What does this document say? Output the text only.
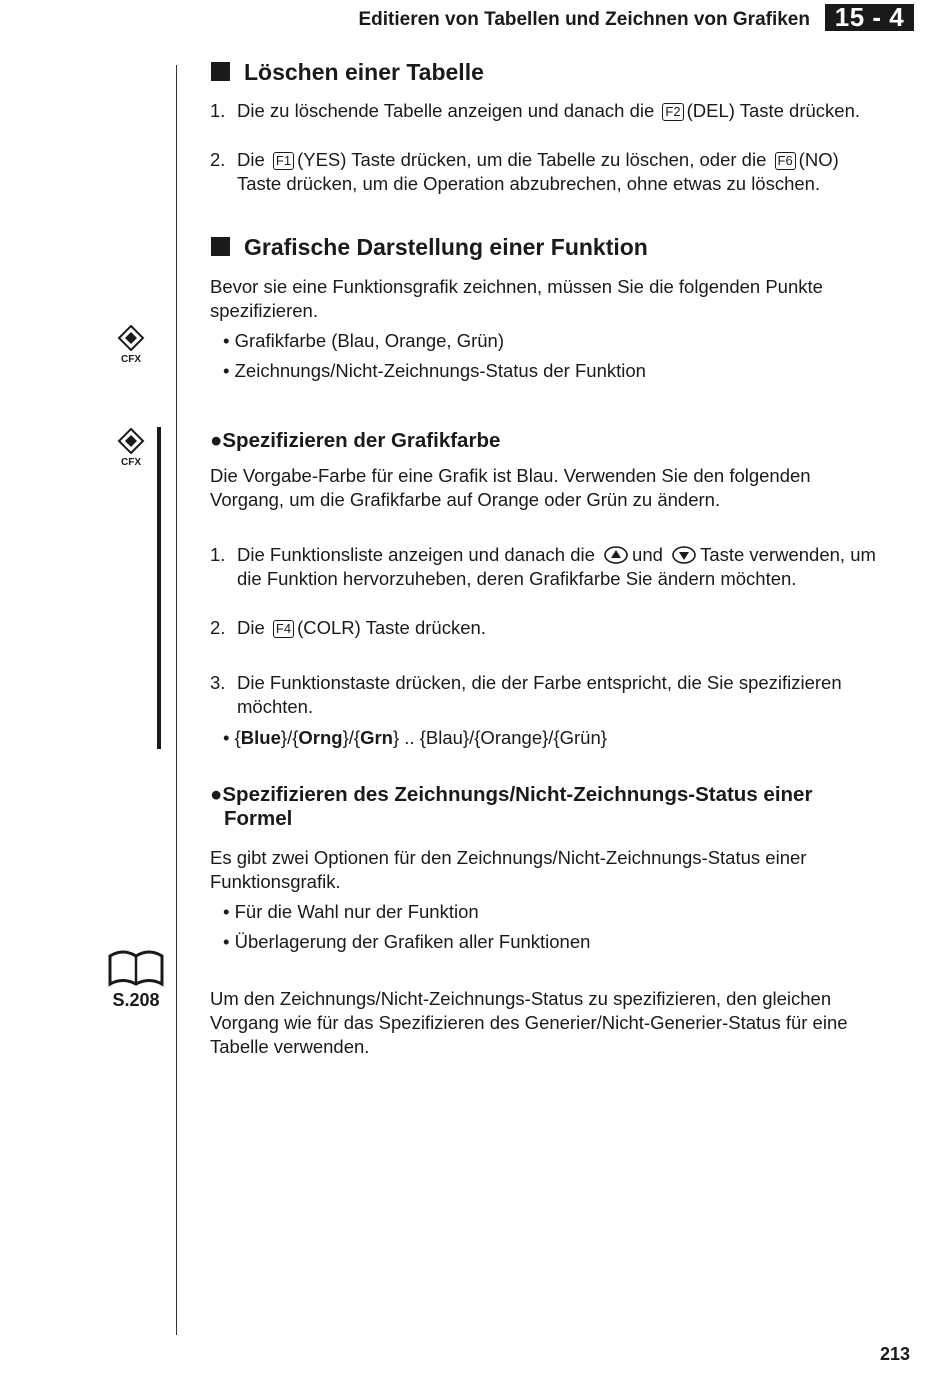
Editieren von Tabellen und Zeichnen von Grafiken 15 - 4
Löschen einer Tabelle
1. Die zu löschende Tabelle anzeigen und danach die F2 (DEL) Taste drücken.
2. Die F1 (YES) Taste drücken, um die Tabelle zu löschen, oder die F6 (NO)
Taste drücken, um die Operation abzubrechen, ohne etwas zu löschen.
Grafische Darstellung einer Funktion
Bevor sie eine Funktionsgrafik zeichnen, müssen Sie die folgenden Punkte
spezifizieren.
• Grafikfarbe (Blau, Orange, Grün)
• Zeichnungs/Nicht-Zeichnungs-Status der Funktion
CFX
CFX
●Spezifizieren der Grafikfarbe
Die Vorgabe-Farbe für eine Grafik ist Blau. Verwenden Sie den folgenden
Vorgang, um die Grafikfarbe auf Orange oder Grün zu ändern.
1. Die Funktionsliste anzeigen und danach die und Taste verwenden, um
die Funktion hervorzuheben, deren Grafikfarbe Sie ändern möchten.
2. Die F4 (COLR) Taste drücken.
3. Die Funktionstaste drücken, die der Farbe entspricht, die Sie spezifizieren
möchten.
• {Blue}/{Orng}/{Grn} .. {Blau}/{Orange}/{Grün}
●Spezifizieren des Zeichnungs/Nicht-Zeichnungs-Status einer
Formel
Es gibt zwei Optionen für den Zeichnungs/Nicht-Zeichnungs-Status einer
Funktionsgrafik.
• Für die Wahl nur der Funktion
• Überlagerung der Grafiken aller Funktionen
S.208	Um den Zeichnungs/Nicht-Zeichnungs-Status zu spezifizieren, den gleichen
Vorgang wie für das Spezifizieren des Generier/Nicht-Generier-Status für eine
Tabelle verwenden.
213
